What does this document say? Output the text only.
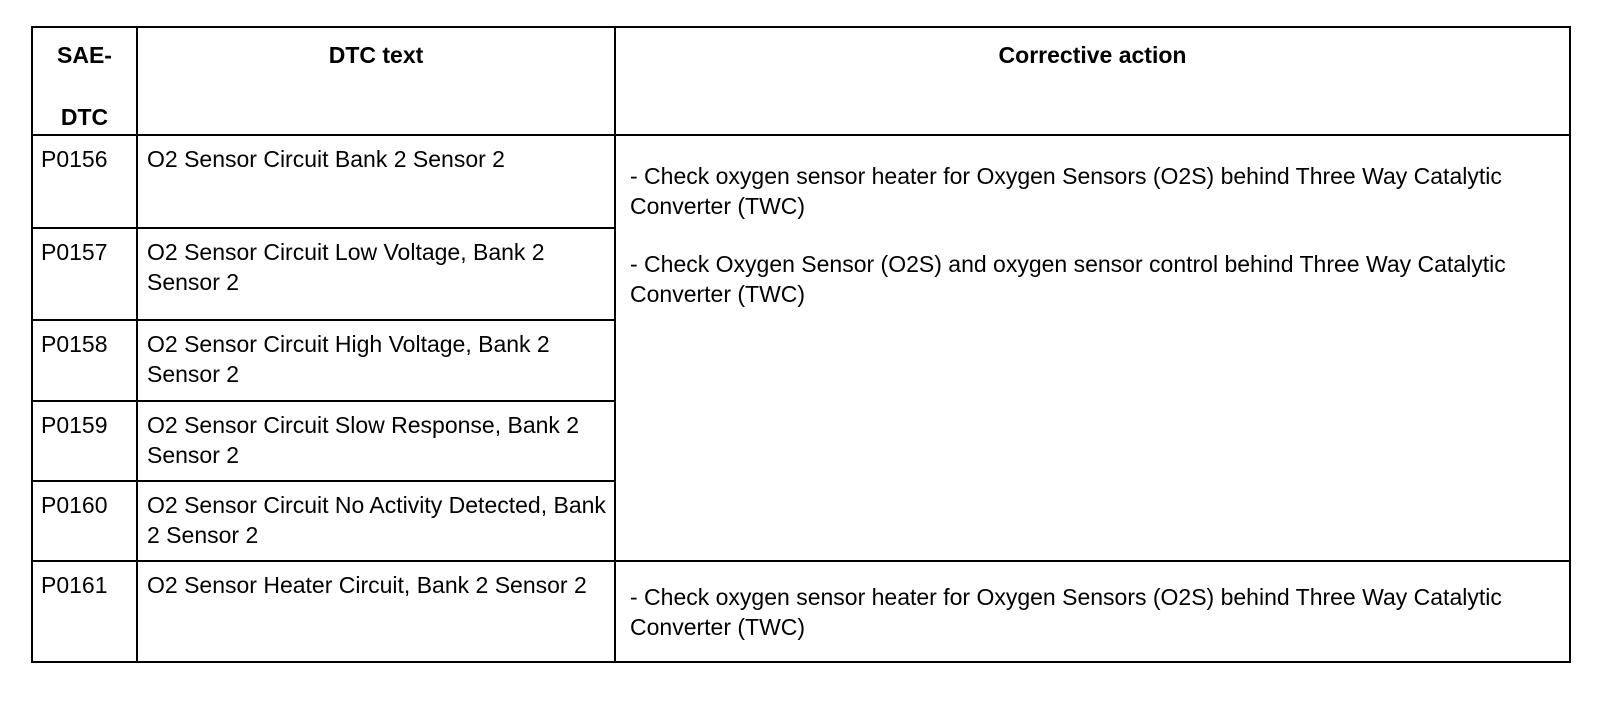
SAE-
DTC	DTC text	Corrective action
P0156	O2 Sensor Circuit Bank 2 Sensor 2	- Check oxygen sensor heater for Oxygen Sensors (O2S) behind Three Way Catalytic Converter (TWC)
- Check Oxygen Sensor (O2S) and oxygen sensor control behind Three Way Catalytic Converter (TWC)

P0157	O2 Sensor Circuit Low Voltage, Bank 2 Sensor 2	
P0158	O2 Sensor Circuit High Voltage, Bank 2 Sensor 2	
P0159	O2 Sensor Circuit Slow Response, Bank 2 Sensor 2	
P0160	O2 Sensor Circuit No Activity Detected, Bank 2 Sensor 2	
P0161	O2 Sensor Heater Circuit, Bank 2 Sensor 2	- Check oxygen sensor heater for Oxygen Sensors (O2S) behind Three Way Catalytic Converter (TWC)
